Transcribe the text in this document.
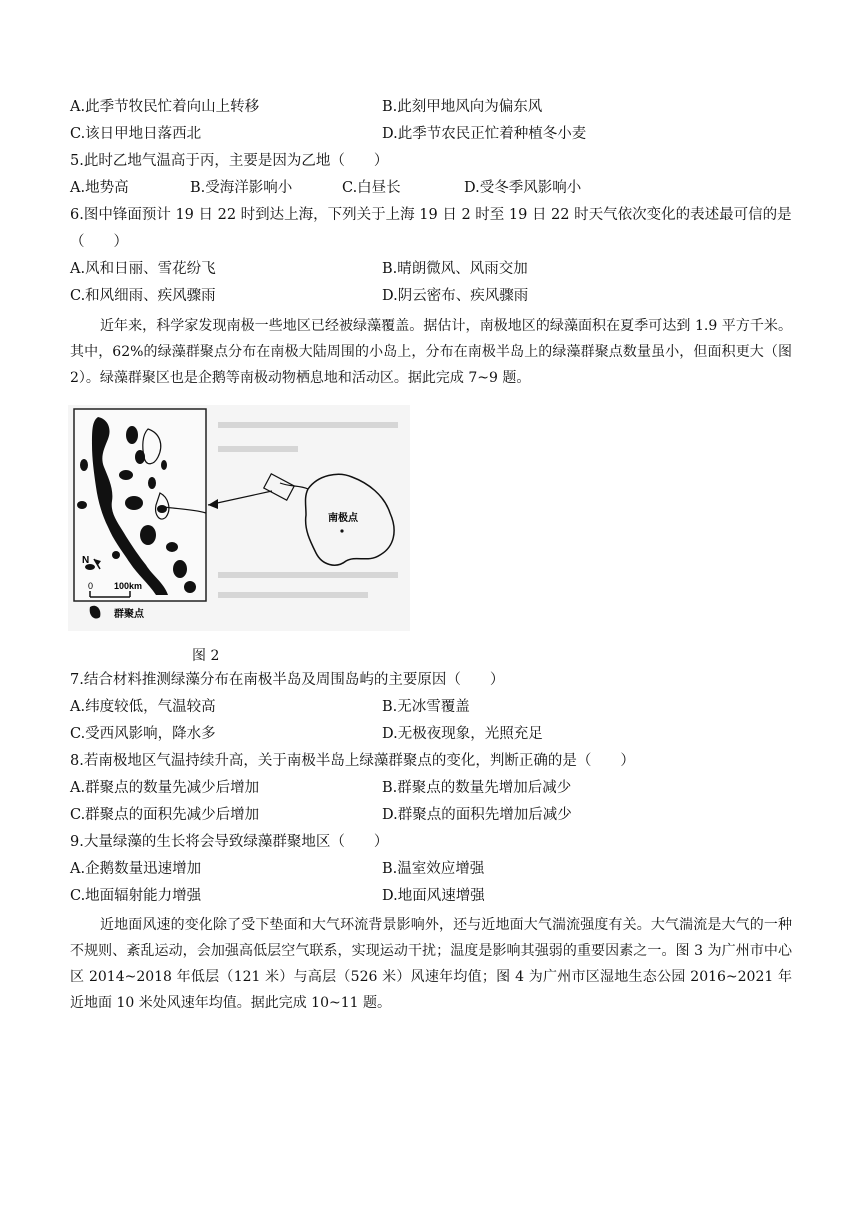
A.此季节牧民忙着向山上转移	B.此刻甲地风向为偏东风
C.该日甲地日落西北	D.此季节农民正忙着种植冬小麦
5.此时乙地气温高于丙，主要是因为乙地（　　）
A.地势高	B.受海洋影响小	C.白昼长	D.受冬季风影响小
6.图中锋面预计 19 日 22 时到达上海，下列关于上海 19 日 2 时至 19 日 22 时天气依次变化的表述最可信的是
（　　）
A.风和日丽、雪花纷飞	B.晴朗微风、风雨交加
C.和风细雨、疾风骤雨	D.阴云密布、疾风骤雨

近年来，科学家发现南极一些地区已经被绿藻覆盖。据估计，南极地区的绿藻面积在夏季可达到 1.9 平方千米。其中，62%的绿藻群聚点分布在南极大陆周围的小岛上，分布在南极半岛上的绿藻群聚点数量虽小，但面积更大（图 2）。绿藻群聚区也是企鹅等南极动物栖息地和活动区。据此完成 7~9 题。

N
0 100km
群聚点
南极点
图 2
7.结合材料推测绿藻分布在南极半岛及周围岛屿的主要原因（　　）
A.纬度较低，气温较高	B.无冰雪覆盖
C.受西风影响，降水多	D.无极夜现象，光照充足
8.若南极地区气温持续升高，关于南极半岛上绿藻群聚点的变化，判断正确的是（　　）
A.群聚点的数量先减少后增加	B.群聚点的数量先增加后减少
C.群聚点的面积先减少后增加	D.群聚点的面积先增加后减少
9.大量绿藻的生长将会导致绿藻群聚地区（　　）
A.企鹅数量迅速增加	B.温室效应增强
C.地面辐射能力增强	D.地面风速增强

近地面风速的变化除了受下垫面和大气环流背景影响外，还与近地面大气湍流强度有关。大气湍流是大气的一种不规则、紊乱运动，会加强高低层空气联系，实现运动干扰；温度是影响其强弱的重要因素之一。图 3 为广州市中心区 2014~2018 年低层（121 米）与高层（526 米）风速年均值；图 4 为广州市区湿地生态公园 2016~2021 年近地面 10 米处风速年均值。据此完成 10~11 题。
